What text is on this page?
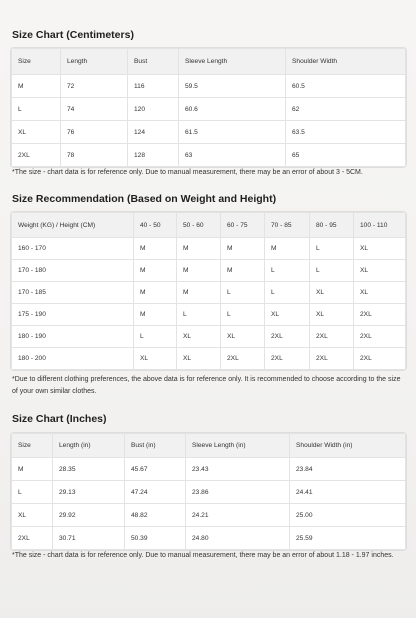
Size Chart (Centimeters)
Size	Length	Bust	Sleeve Length	Shoulder Width
M	72	116	59.5	60.5
L	74	120	60.6	62
XL	76	124	61.5	63.5
2XL	78	128	63	65
*The size - chart data is for reference only. Due to manual measurement, there may be an error of about 3 - 5CM.
Size Recommendation (Based on Weight and Height)
Weight (KG) / Height (CM)	40 - 50	50 - 60	60 - 75	70 - 85	80 - 95	100 - 110
160 - 170	M	M	M	M	L	XL
170 - 180	M	M	M	L	L	XL
170 - 185	M	M	L	L	XL	XL
175 - 190	M	L	L	XL	XL	2XL
180 - 190	L	XL	XL	2XL	2XL	2XL
180 - 200	XL	XL	2XL	2XL	2XL	2XL
*Due to different clothing preferences, the above data is for reference only. It is recommended to choose according to the size of your own similar clothes.
Size Chart (Inches)
Size	Length (in)	Bust (in)	Sleeve Length (in)	Shoulder Width (in)
M	28.35	45.67	23.43	23.84
L	29.13	47.24	23.86	24.41
XL	29.92	48.82	24.21	25.00
2XL	30.71	50.39	24.80	25.59
*The size - chart data is for reference only. Due to manual measurement, there may be an error of about 1.18 - 1.97 inches.
